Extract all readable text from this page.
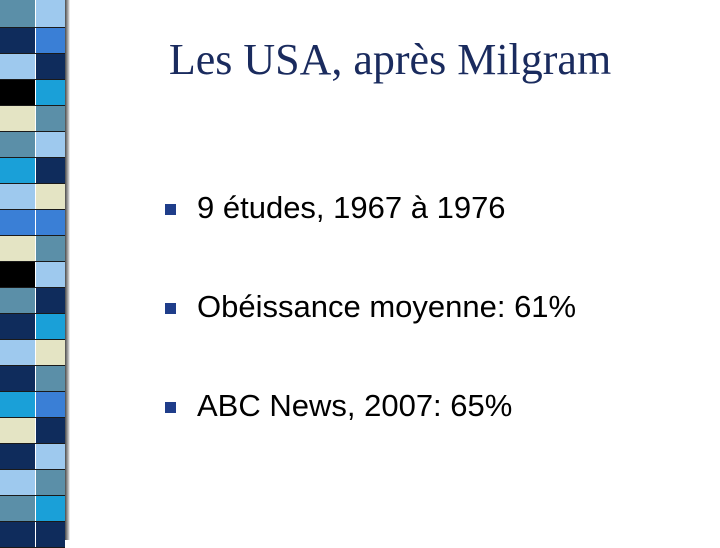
Les USA, après Milgram
9 études, 1967 à 1976
Obéissance moyenne: 61%
ABC News, 2007: 65%
